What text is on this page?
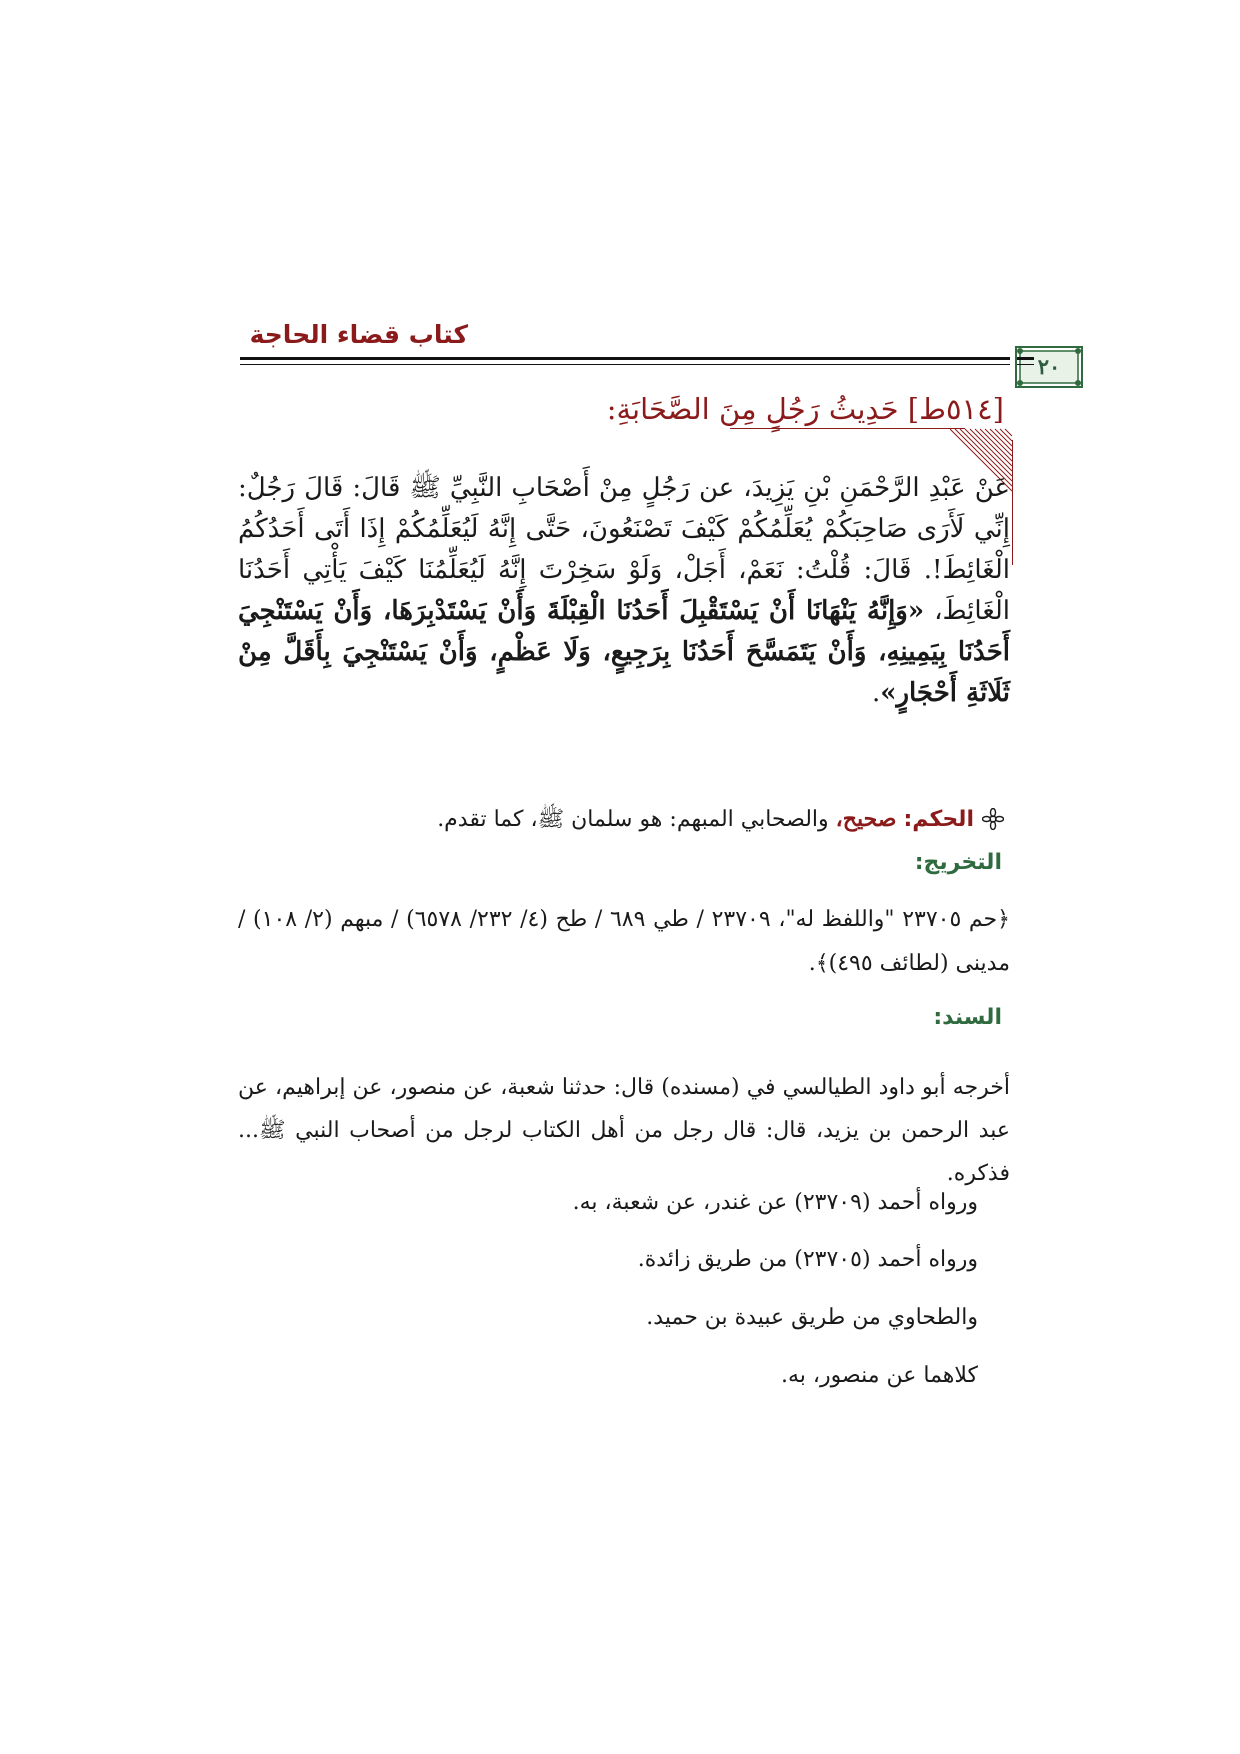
كتاب قضاء الحاجة
٢٠
[٥١٤ط] حَدِيثُ رَجُلٍ مِنَ الصَّحَابَةِ:
عَنْ عَبْدِ الرَّحْمَنِ بْنِ يَزِيدَ، عن رَجُلٍ مِنْ أَصْحَابِ النَّبِيِّ ﷺ قَالَ: قَالَ رَجُلٌ: إِنِّي لَأَرَى صَاحِبَكُمْ يُعَلِّمُكُمْ كَيْفَ تَصْنَعُونَ، حَتَّى إِنَّهُ لَيُعَلِّمُكُمْ إِذَا أَتَى أَحَدُكُمُ الْغَائِطَ!. قَالَ: قُلْتُ: نَعَمْ، أَجَلْ، وَلَوْ سَخِرْتَ إِنَّهُ لَيُعَلِّمُنَا كَيْفَ يَأْتِي أَحَدُنَا الْغَائِطَ، «وَإِنَّهُ يَنْهَانَا أَنْ يَسْتَقْبِلَ أَحَدُنَا الْقِبْلَةَ وَأَنْ يَسْتَدْبِرَهَا، وَأَنْ يَسْتَنْجِيَ أَحَدُنَا بِيَمِينِهِ، وَأَنْ يَتَمَسَّحَ أَحَدُنَا بِرَجِيعٍ، وَلَا عَظْمٍ، وَأَنْ يَسْتَنْجِيَ بِأَقَلَّ مِنْ ثَلَاثَةِ أَحْجَارٍ».
الحكم: صحيح، والصحابي المبهم: هو سلمان ﷺ، كما تقدم.
التخريج:
﴿حم ٢٣٧٠٥ "واللفظ له"، ٢٣٧٠٩ / طي ٦٨٩ / طح (٤/ ٢٣٢/ ٦٥٧٨) / مبهم (٢/ ١٠٨) / مدينى (لطائف ٤٩٥)﴾.
السند:
أخرجه أبو داود الطيالسي في (مسنده) قال: حدثنا شعبة، عن منصور، عن إبراهيم، عن عبد الرحمن بن يزيد، قال: قال رجل من أهل الكتاب لرجل من أصحاب النبي ﷺ... فذكره.
ورواه أحمد (٢٣٧٠٩) عن غندر، عن شعبة، به.
ورواه أحمد (٢٣٧٠٥) من طريق زائدة.
والطحاوي من طريق عبيدة بن حميد.
كلاهما عن منصور، به.
